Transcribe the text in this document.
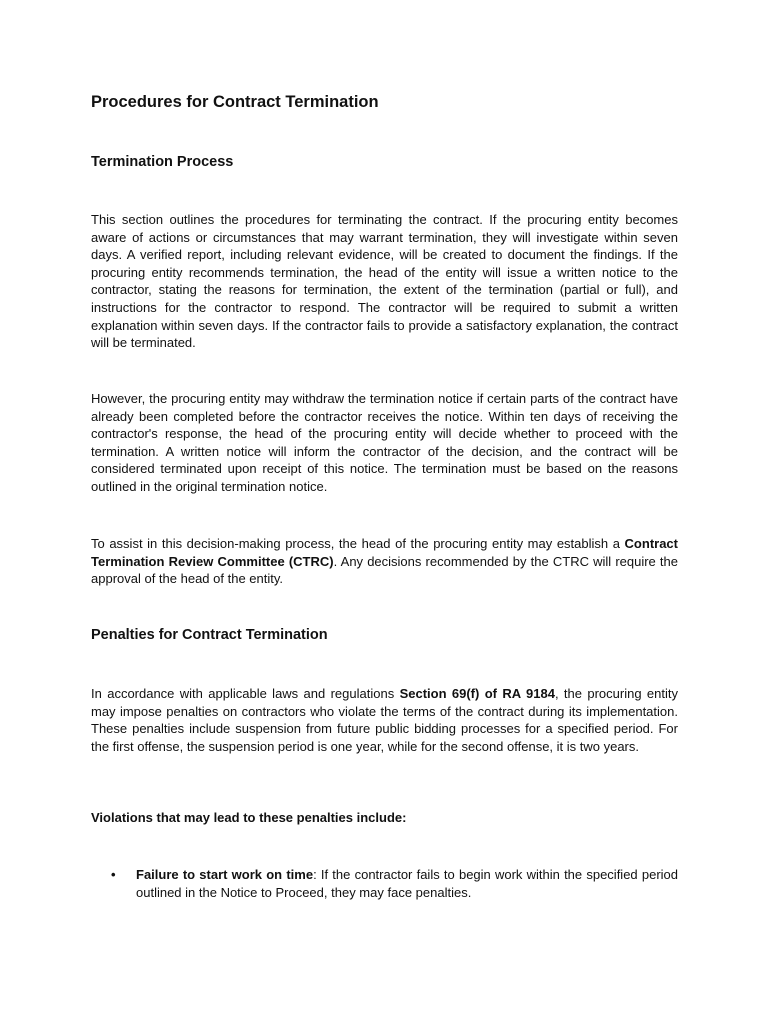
Procedures for Contract Termination
Termination Process

This section outlines the procedures for terminating the contract. If the procuring entity becomes aware of actions or circumstances that may warrant termination, they will investigate within seven days. A verified report, including relevant evidence, will be created to document the findings. If the procuring entity recommends termination, the head of the entity will issue a written notice to the contractor, stating the reasons for termination, the extent of the termination (partial or full), and instructions for the contractor to respond. The contractor will be required to submit a written explanation within seven days. If the contractor fails to provide a satisfactory explanation, the contract will be terminated.

However, the procuring entity may withdraw the termination notice if certain parts of the contract have already been completed before the contractor receives the notice. Within ten days of receiving the contractor's response, the head of the procuring entity will decide whether to proceed with the termination. A written notice will inform the contractor of the decision, and the contract will be considered terminated upon receipt of this notice. The termination must be based on the reasons outlined in the original termination notice.

To assist in this decision-making process, the head of the procuring entity may establish a Contract Termination Review Committee (CTRC). Any decisions recommended by the CTRC will require the approval of the head of the entity.

Penalties for Contract Termination

In accordance with applicable laws and regulations Section 69(f) of RA 9184, the procuring entity may impose penalties on contractors who violate the terms of the contract during its implementation. These penalties include suspension from future public bidding processes for a specified period. For the first offense, the suspension period is one year, while for the second offense, it is two years.

Violations that may lead to these penalties include:

• Failure to start work on time: If the contractor fails to begin work within the specified period outlined in the Notice to Proceed, they may face penalties.
